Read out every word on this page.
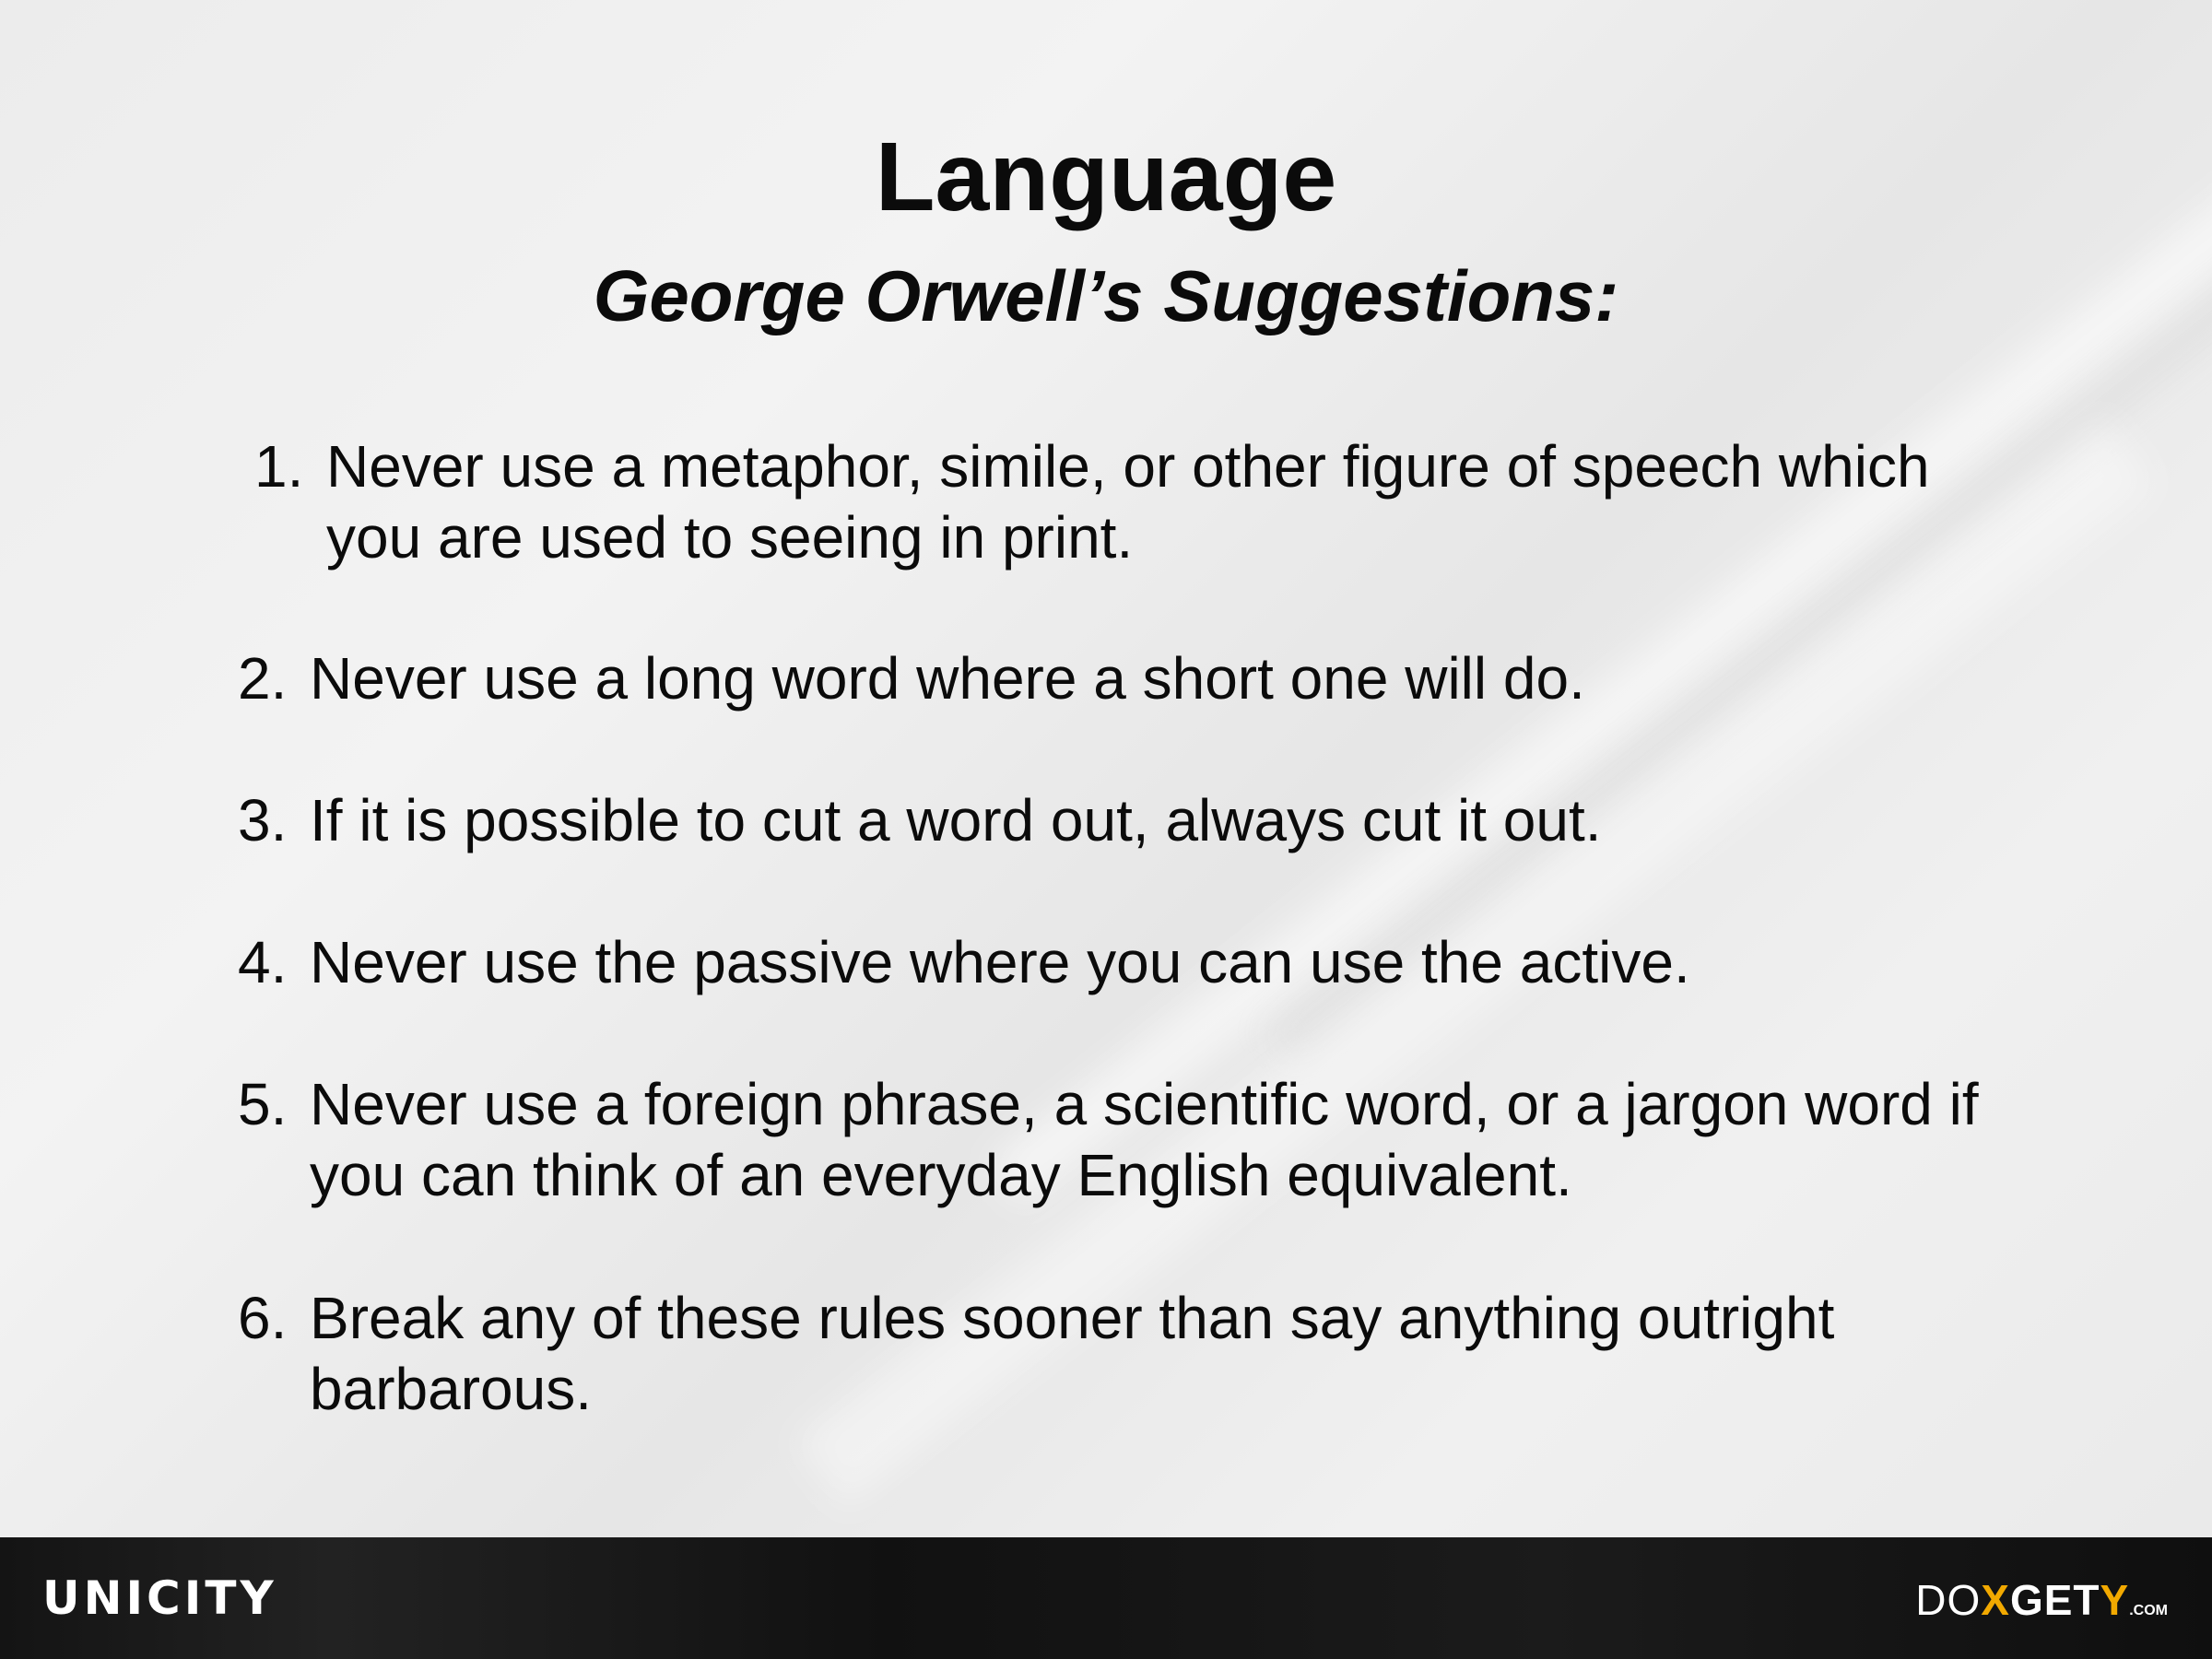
Language
George Orwell’s Suggestions:
1. Never use a metaphor, simile, or other figure of speech which you are used to seeing in print.
2. Never use a long word where a short one will do.
3. If it is possible to cut a word out, always cut it out.
4. Never use the passive where you can use the active.
5. Never use a foreign phrase, a scientific word, or a jargon word if you can think of an everyday English equivalent.
6. Break any of these rules sooner than say anything outright barbarous.
UNICITY	DOXGETY.COM
